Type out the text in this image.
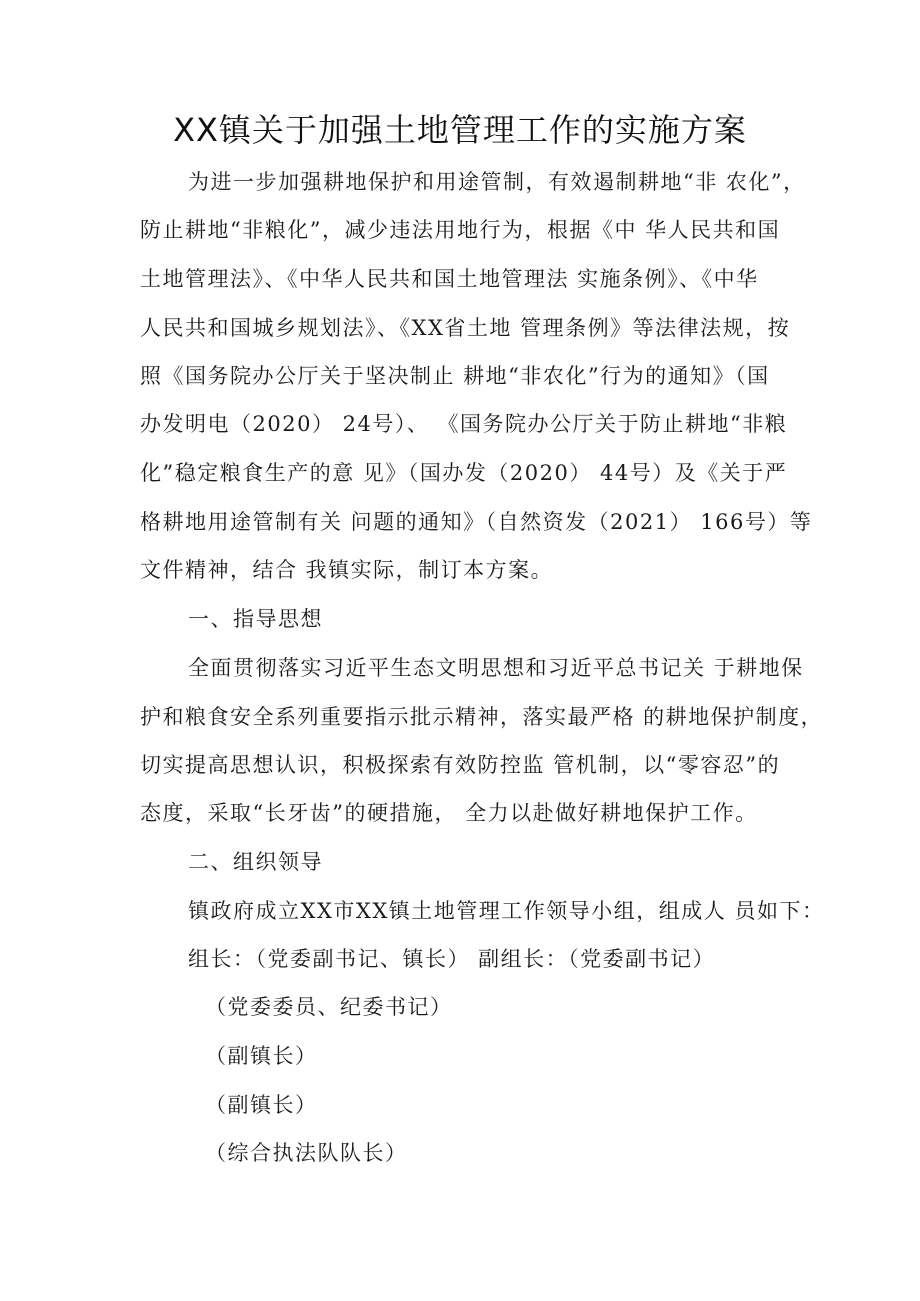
XX镇关于加强土地管理工作的实施方案
为进一步加强耕地保护和用途管制，有效遏制耕地“非 农化”，
防止耕地“非粮化”，减少违法用地行为，根据《中 华人民共和国
土地管理法》、《中华人民共和国土地管理法 实施条例》、《中华
人民共和国城乡规划法》、《XX省土地 管理条例》等法律法规，按
照《国务院办公厅关于坚决制止 耕地“非农化”行为的通知》（国
办发明电（2020） 24号）、 《国务院办公厅关于防止耕地“非粮
化”稳定粮食生产的意 见》（国办发（2020） 44号）及《关于严
格耕地用途管制有关 问题的通知》（自然资发（2021） 166号）等
文件精神，结合 我镇实际，制订本方案。
一、指导思想
全面贯彻落实习近平生态文明思想和习近平总书记关 于耕地保
护和粮食安全系列重要指示批示精神，落实最严格 的耕地保护制度，
切实提高思想认识，积极探索有效防控监 管机制，以“零容忍”的
态度，采取“长牙齿”的硬措施， 全力以赴做好耕地保护工作。
二、组织领导
镇政府成立XX市XX镇土地管理工作领导小组，组成人 员如下：
组长：（党委副书记、镇长） 副组长：（党委副书记）
（党委委员、纪委书记）
（副镇长）
（副镇长）
（综合执法队队长）
